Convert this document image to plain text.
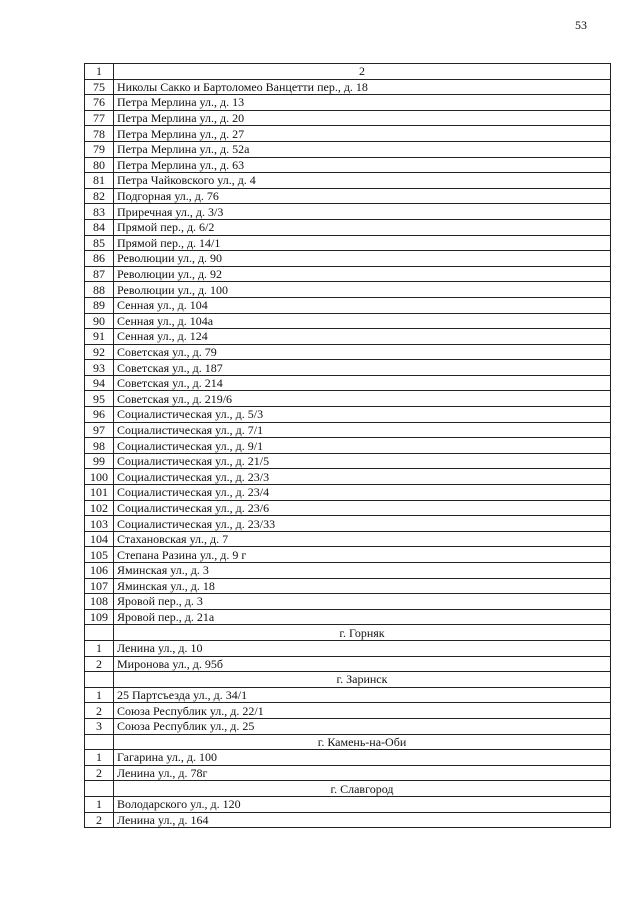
53
1	2
75	Николы Сакко и Бартоломео Ванцетти пер., д. 18
76	Петра Мерлина ул., д. 13
77	Петра Мерлина ул., д. 20
78	Петра Мерлина ул., д. 27
79	Петра Мерлина ул., д. 52а
80	Петра Мерлина ул., д. 63
81	Петра Чайковского ул., д. 4
82	Подгорная ул., д. 76
83	Приречная ул., д. 3/3
84	Прямой пер., д. 6/2
85	Прямой пер., д. 14/1
86	Революции ул., д. 90
87	Революции ул., д. 92
88	Революции ул., д. 100
89	Сенная ул., д. 104
90	Сенная ул., д. 104а
91	Сенная ул., д. 124
92	Советская ул., д. 79
93	Советская ул., д. 187
94	Советская ул., д. 214
95	Советская ул., д. 219/6
96	Социалистическая ул., д. 5/3
97	Социалистическая ул., д. 7/1
98	Социалистическая ул., д. 9/1
99	Социалистическая ул., д. 21/5
100	Социалистическая ул., д. 23/3
101	Социалистическая ул., д. 23/4
102	Социалистическая ул., д. 23/6
103	Социалистическая ул., д. 23/33
104	Стахановская ул., д. 7
105	Степана Разина ул., д. 9 г
106	Яминская ул., д. 3
107	Яминская ул., д. 18
108	Яровой пер., д. 3
109	Яровой пер., д. 21а
	г. Горняк
1	Ленина ул., д. 10
2	Миронова ул., д. 95б
	г. Заринск
1	25 Партсъезда ул., д. 34/1
2	Союза Республик ул., д. 22/1
3	Союза Республик ул., д. 25
	г. Камень-на-Оби
1	Гагарина ул., д. 100
2	Ленина ул., д. 78г
	г. Славгород
1	Володарского ул., д. 120
2	Ленина ул., д. 164
